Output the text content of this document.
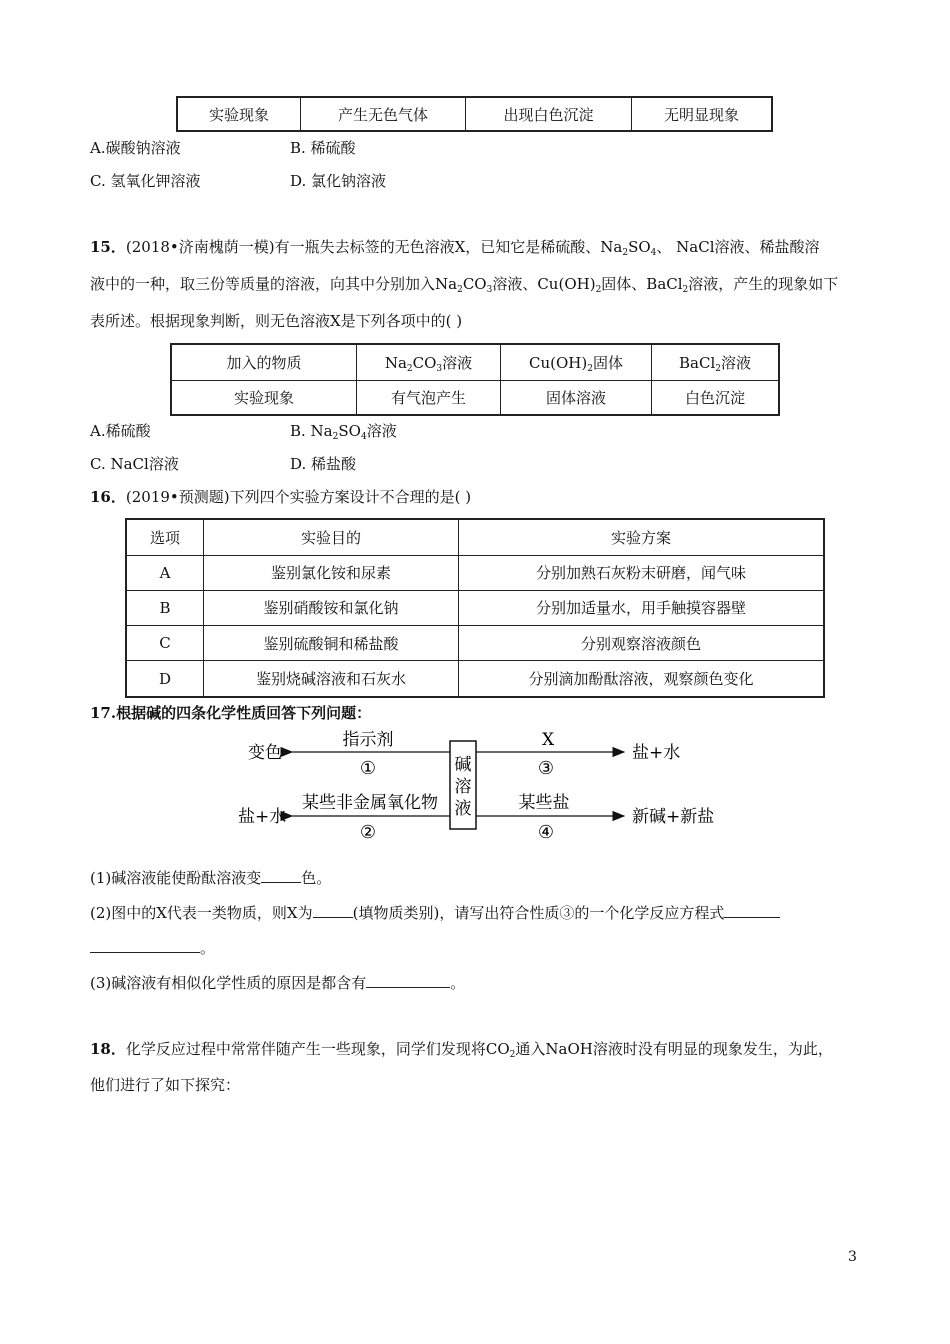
实验现象	产生无色气体	出现白色沉淀	无明显现象
A.碳酸钠溶液	B. 稀硫酸
C. 氢氧化钾溶液	D. 氯化钠溶液
15．(2018•济南槐荫一模)有一瓶失去标签的无色溶液X，已知它是稀硫酸、$Na_2SO_4$、 NaCl溶液、稀盐酸溶
液中的一种，取三份等质量的溶液，向其中分别加入$Na_2CO_3$溶液、$Cu(OH)_2$固体、BaCl$_2$溶液，产生的现象如下
表所述。根据现象判断，则无色溶液X是下列各项中的( )
加入的物质	$Na_2CO_3$溶液	$Cu(OH)_2$固体	BaCl$_2$溶液
实验现象	有气泡产生	固体溶液	白色沉淀
A.稀硫酸	B. $Na_2SO_4$溶液
C. NaCl溶液	D. 稀盐酸
16．(2019•预测题)下列四个实验方案设计不合理的是( )
选项	实验目的	实验方案
A	鉴别氯化铵和尿素	分别加熟石灰粉末研磨，闻气味
B	鉴别硝酸铵和氯化钠	分别加适量水，用手触摸容器壁
C	鉴别硫酸铜和稀盐酸	分别观察溶液颜色
D	鉴别烧碱溶液和石灰水	分别滴加酚酞溶液，观察颜色变化
17.根据碱的四条化学性质回答下列问题：
碱
溶
液
指示剂
①
变色
某些非金属氧化物
②
盐+水
X
③
盐+水
某些盐
④
新碱+新盐
(1)碱溶液能使酚酞溶液变	色。
(2)图中的X代表一类物质，则X为	(填物质类别)，请写出符合性质③的一个化学反应方程式
。
(3)碱溶液有相似化学性质的原因是都含有	。
18．化学反应过程中常常伴随产生一些现象，同学们发现将$CO_2$通入NaOH溶液时没有明显的现象发生，为此，
他们进行了如下探究：
3
